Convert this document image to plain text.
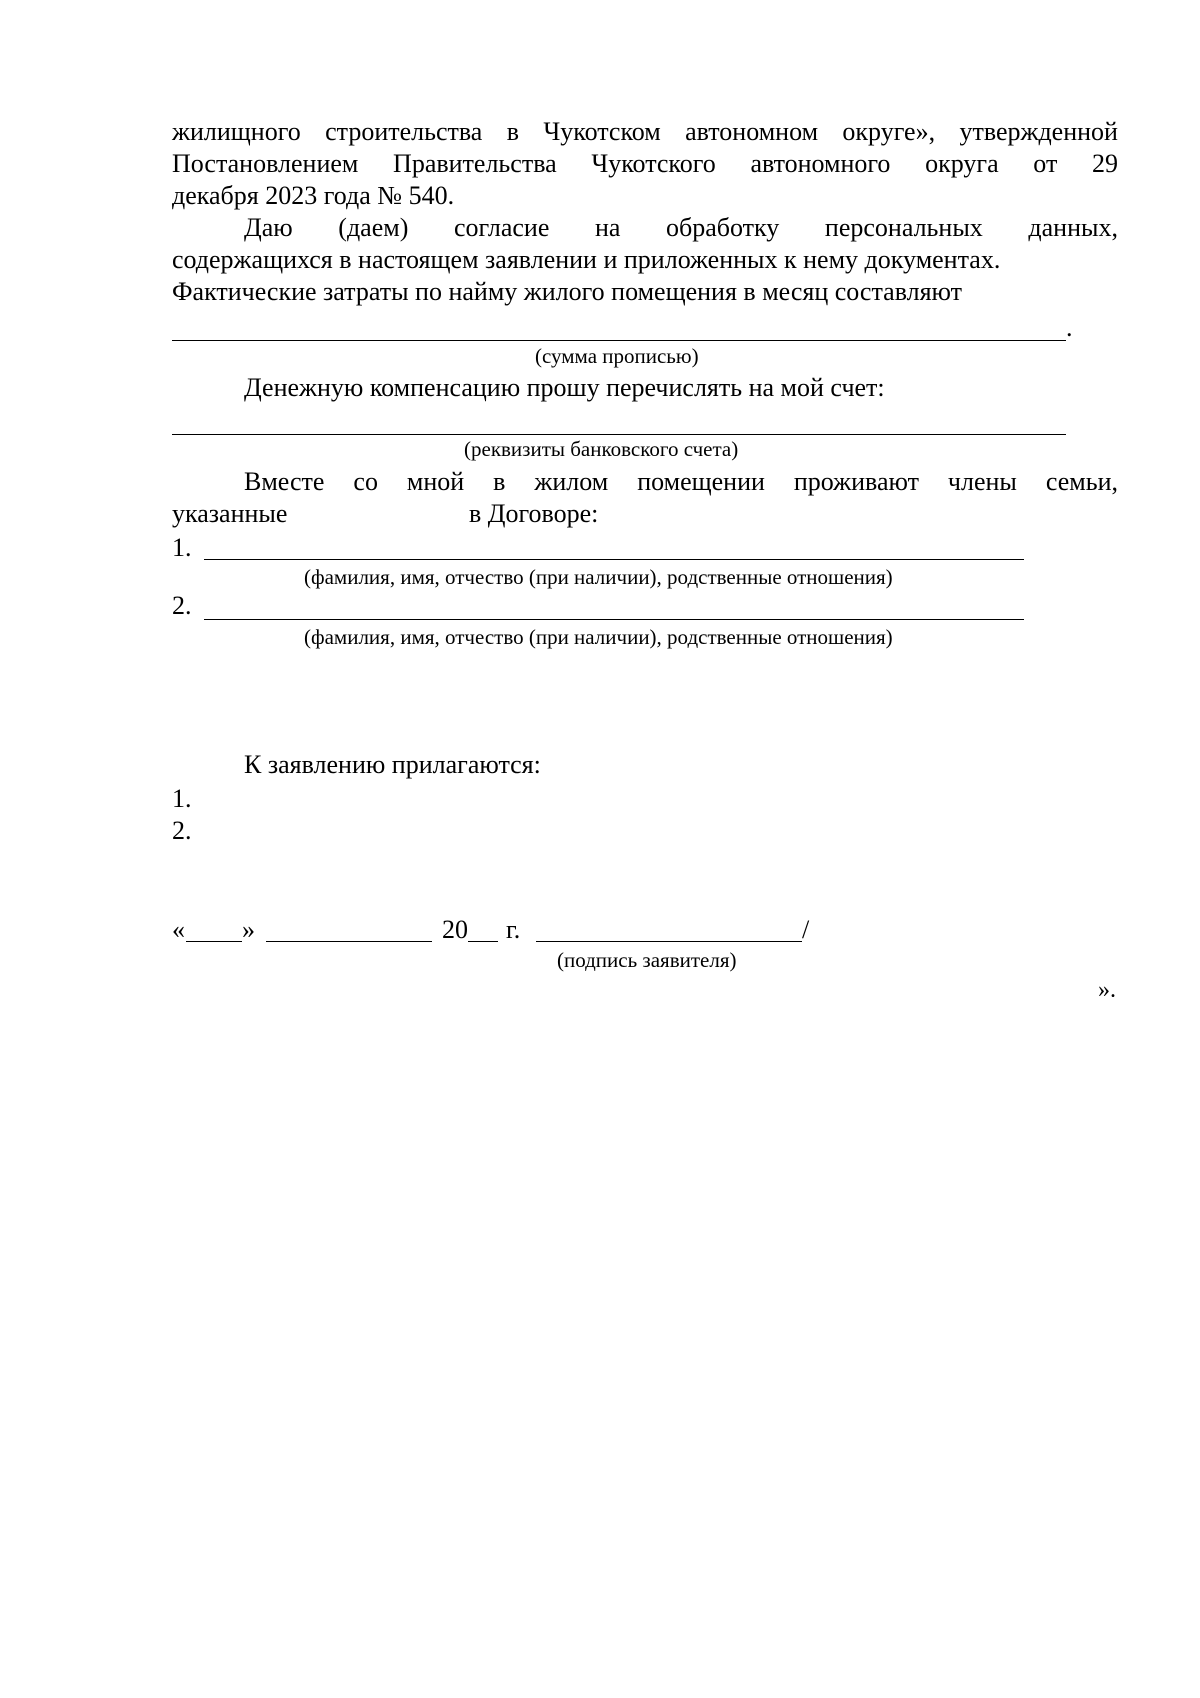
жилищного строительства в Чукотском автономном округе», утвержденной
Постановлением Правительства Чукотского автономного округа от 29
декабря 2023 года № 540.
Даю (даем) согласие на обработку персональных данных,
содержащихся в настоящем заявлении и приложенных к нему документах.
Фактические затраты по найму жилого помещения в месяц составляют
.
(сумма прописью)
Денежную компенсацию прошу перечислять на мой счет:
(реквизиты банковского счета)
Вместе со мной в жилом помещении проживают члены семьи,
указанные	в Договоре:
1.
(фамилия, имя, отчество (при наличии), родственные отношения)
2.
(фамилия, имя, отчество (при наличии), родственные отношения)
К заявлению прилагаются:
1.
2.
« »	20 г.	/
(подпись заявителя)
».
